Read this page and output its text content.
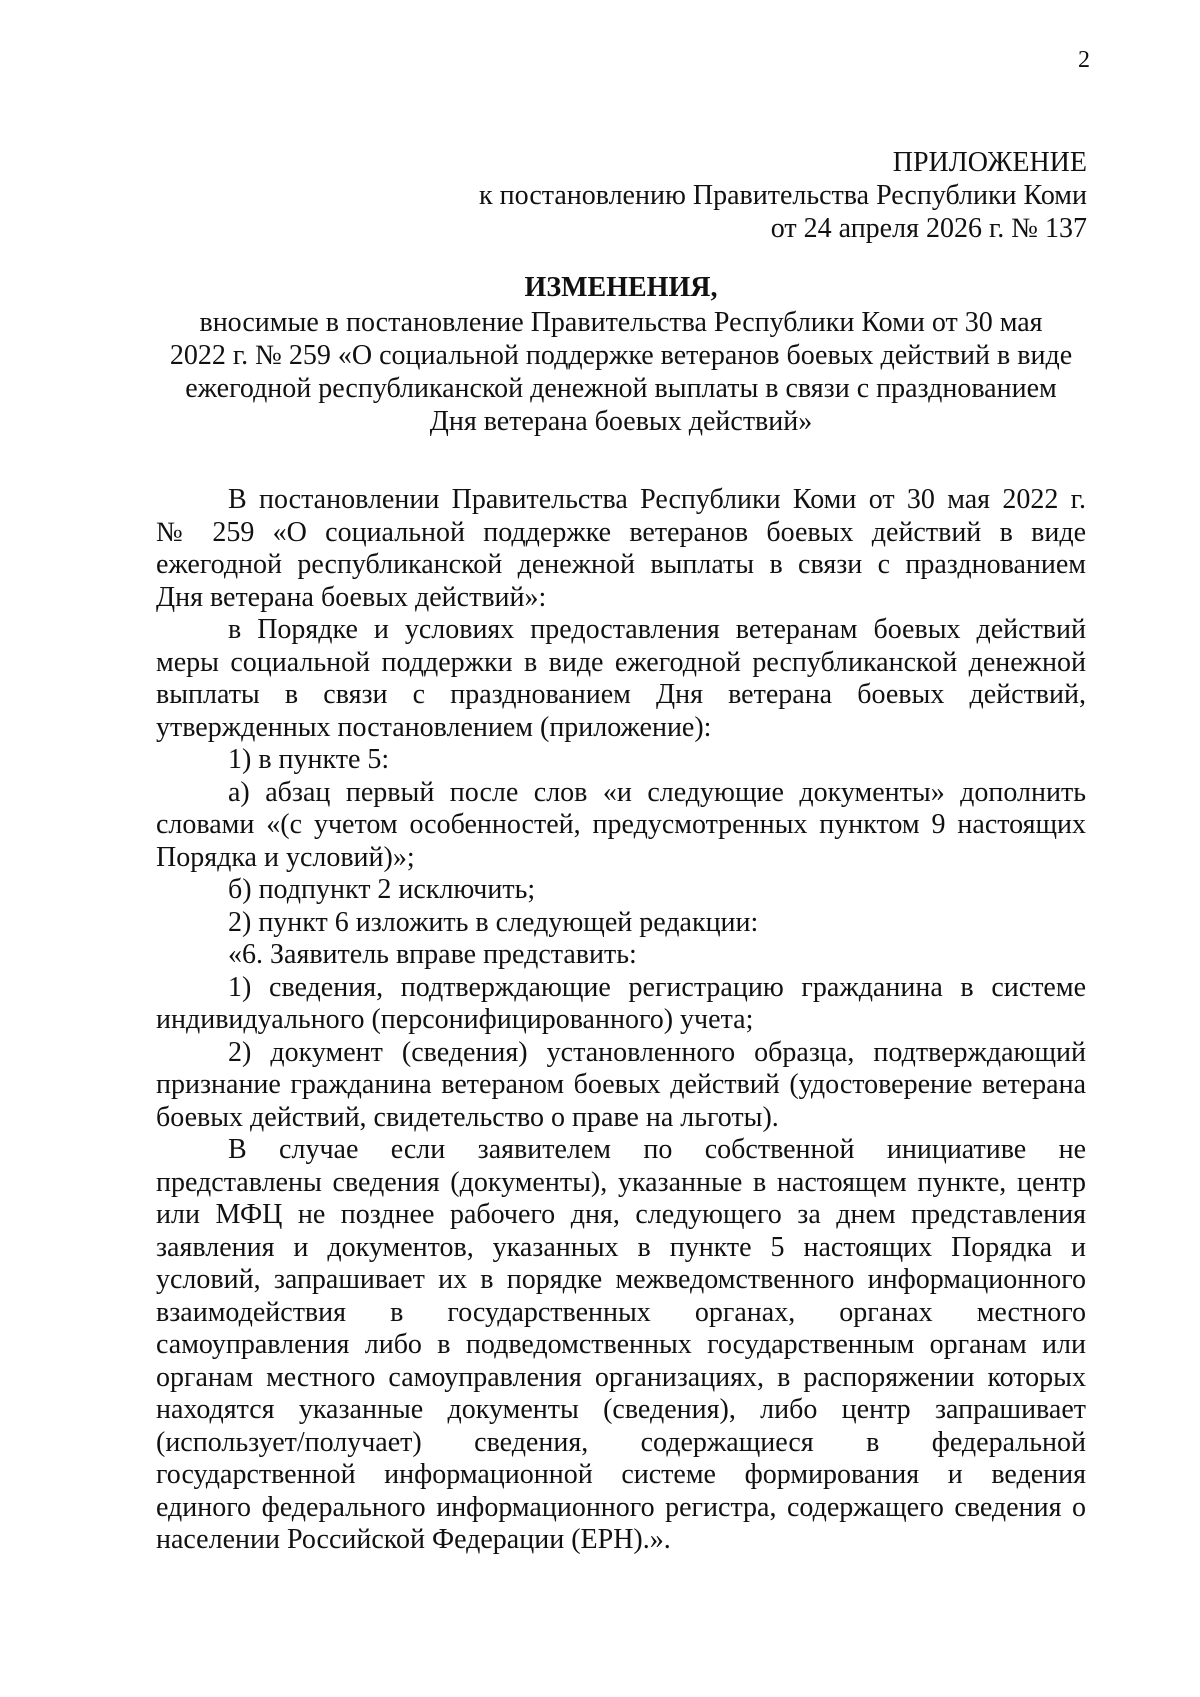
2
ПРИЛОЖЕНИЕ
к постановлению Правительства Республики Коми
от 24 апреля 2026 г. № 137
ИЗМЕНЕНИЯ,
вносимые в постановление Правительства Республики Коми от 30 мая
2022 г. № 259 «О социальной поддержке ветеранов боевых действий в виде
ежегодной республиканской денежной выплаты в связи с празднованием
Дня ветерана боевых действий»
В постановлении Правительства Республики Коми от 30 мая 2022 г.
№ 259 «О социальной поддержке ветеранов боевых действий в виде
ежегодной республиканской денежной выплаты в связи с празднованием
Дня ветерана боевых действий»:
в Порядке и условиях предоставления ветеранам боевых действий
меры социальной поддержки в виде ежегодной республиканской денежной
выплаты в связи с празднованием Дня ветерана боевых действий,
утвержденных постановлением (приложение):
1) в пункте 5:
а) абзац первый после слов «и следующие документы» дополнить
словами «(с учетом особенностей, предусмотренных пунктом 9 настоящих
Порядка и условий)»;
б) подпункт 2 исключить;
2) пункт 6 изложить в следующей редакции:
«6. Заявитель вправе представить:
1) сведения, подтверждающие регистрацию гражданина в системе
индивидуального (персонифицированного) учета;
2) документ (сведения) установленного образца, подтверждающий
признание гражданина ветераном боевых действий (удостоверение ветерана
боевых действий, свидетельство о праве на льготы).
В случае если заявителем по собственной инициативе не
представлены сведения (документы), указанные в настоящем пункте, центр
или МФЦ не позднее рабочего дня, следующего за днем представления
заявления и документов, указанных в пункте 5 настоящих Порядка и
условий, запрашивает их в порядке межведомственного информационного
взаимодействия в государственных органах, органах местного
самоуправления либо в подведомственных государственным органам или
органам местного самоуправления организациях, в распоряжении которых
находятся указанные документы (сведения), либо центр запрашивает
(использует/получает) сведения, содержащиеся в федеральной
государственной информационной системе формирования и ведения
единого федерального информационного регистра, содержащего сведения о
населении Российской Федерации (ЕРН).».
